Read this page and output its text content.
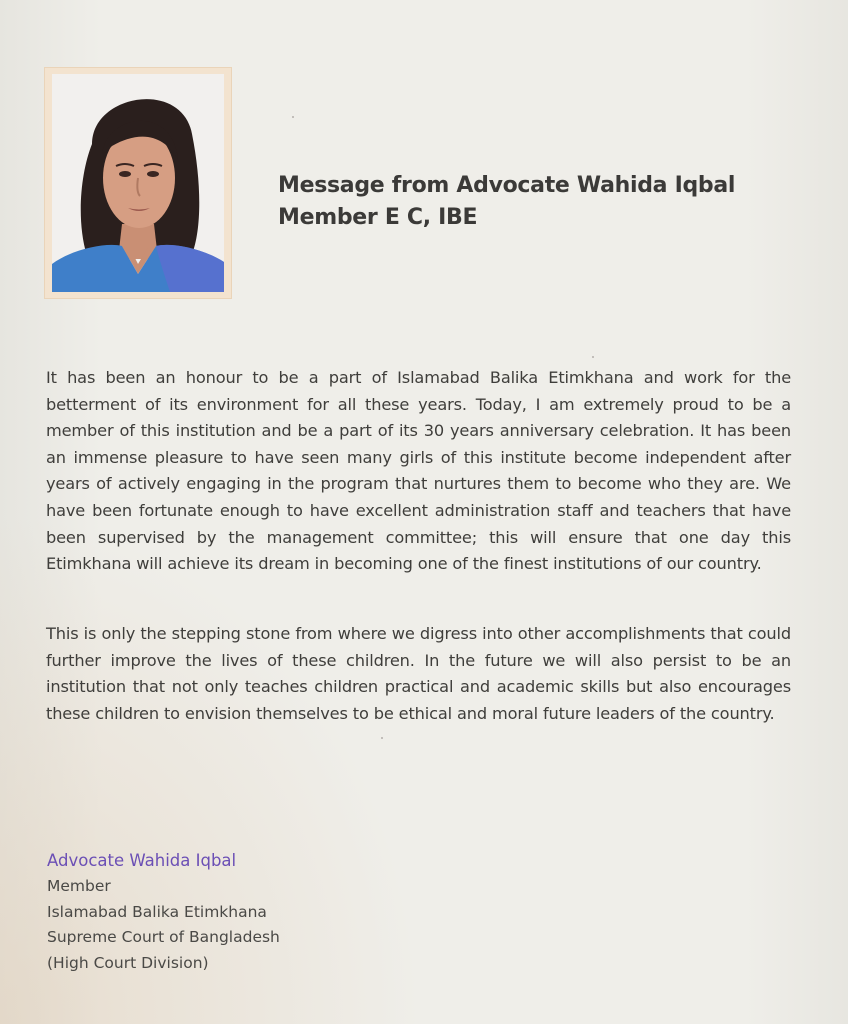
Message from Advocate Wahida Iqbal
Member E C, IBE
It has been an honour to be a part of Islamabad Balika Etimkhana and work for the betterment of its environment for all these years. Today, I am extremely proud to be a member of this institution and be a part of its 30 years anniversary celebration. It has been an immense pleasure to have seen many girls of this institute become independent after years of actively engaging in the program that nurtures them to become who they are. We have been fortunate enough to have excellent administration staff and teachers that have been supervised by the management committee; this will ensure that one day this Etimkhana will achieve its dream in becoming one of the finest institutions of our country.
This is only the stepping stone from where we digress into other accomplishments that could further improve the lives of these children. In the future we will also persist to be an institution that not only teaches children practical and academic skills but also encourages these children to envision themselves to be ethical and moral future leaders of the country.
Advocate Wahida Iqbal
Member
Islamabad Balika Etimkhana
Supreme Court of Bangladesh
(High Court Division)
